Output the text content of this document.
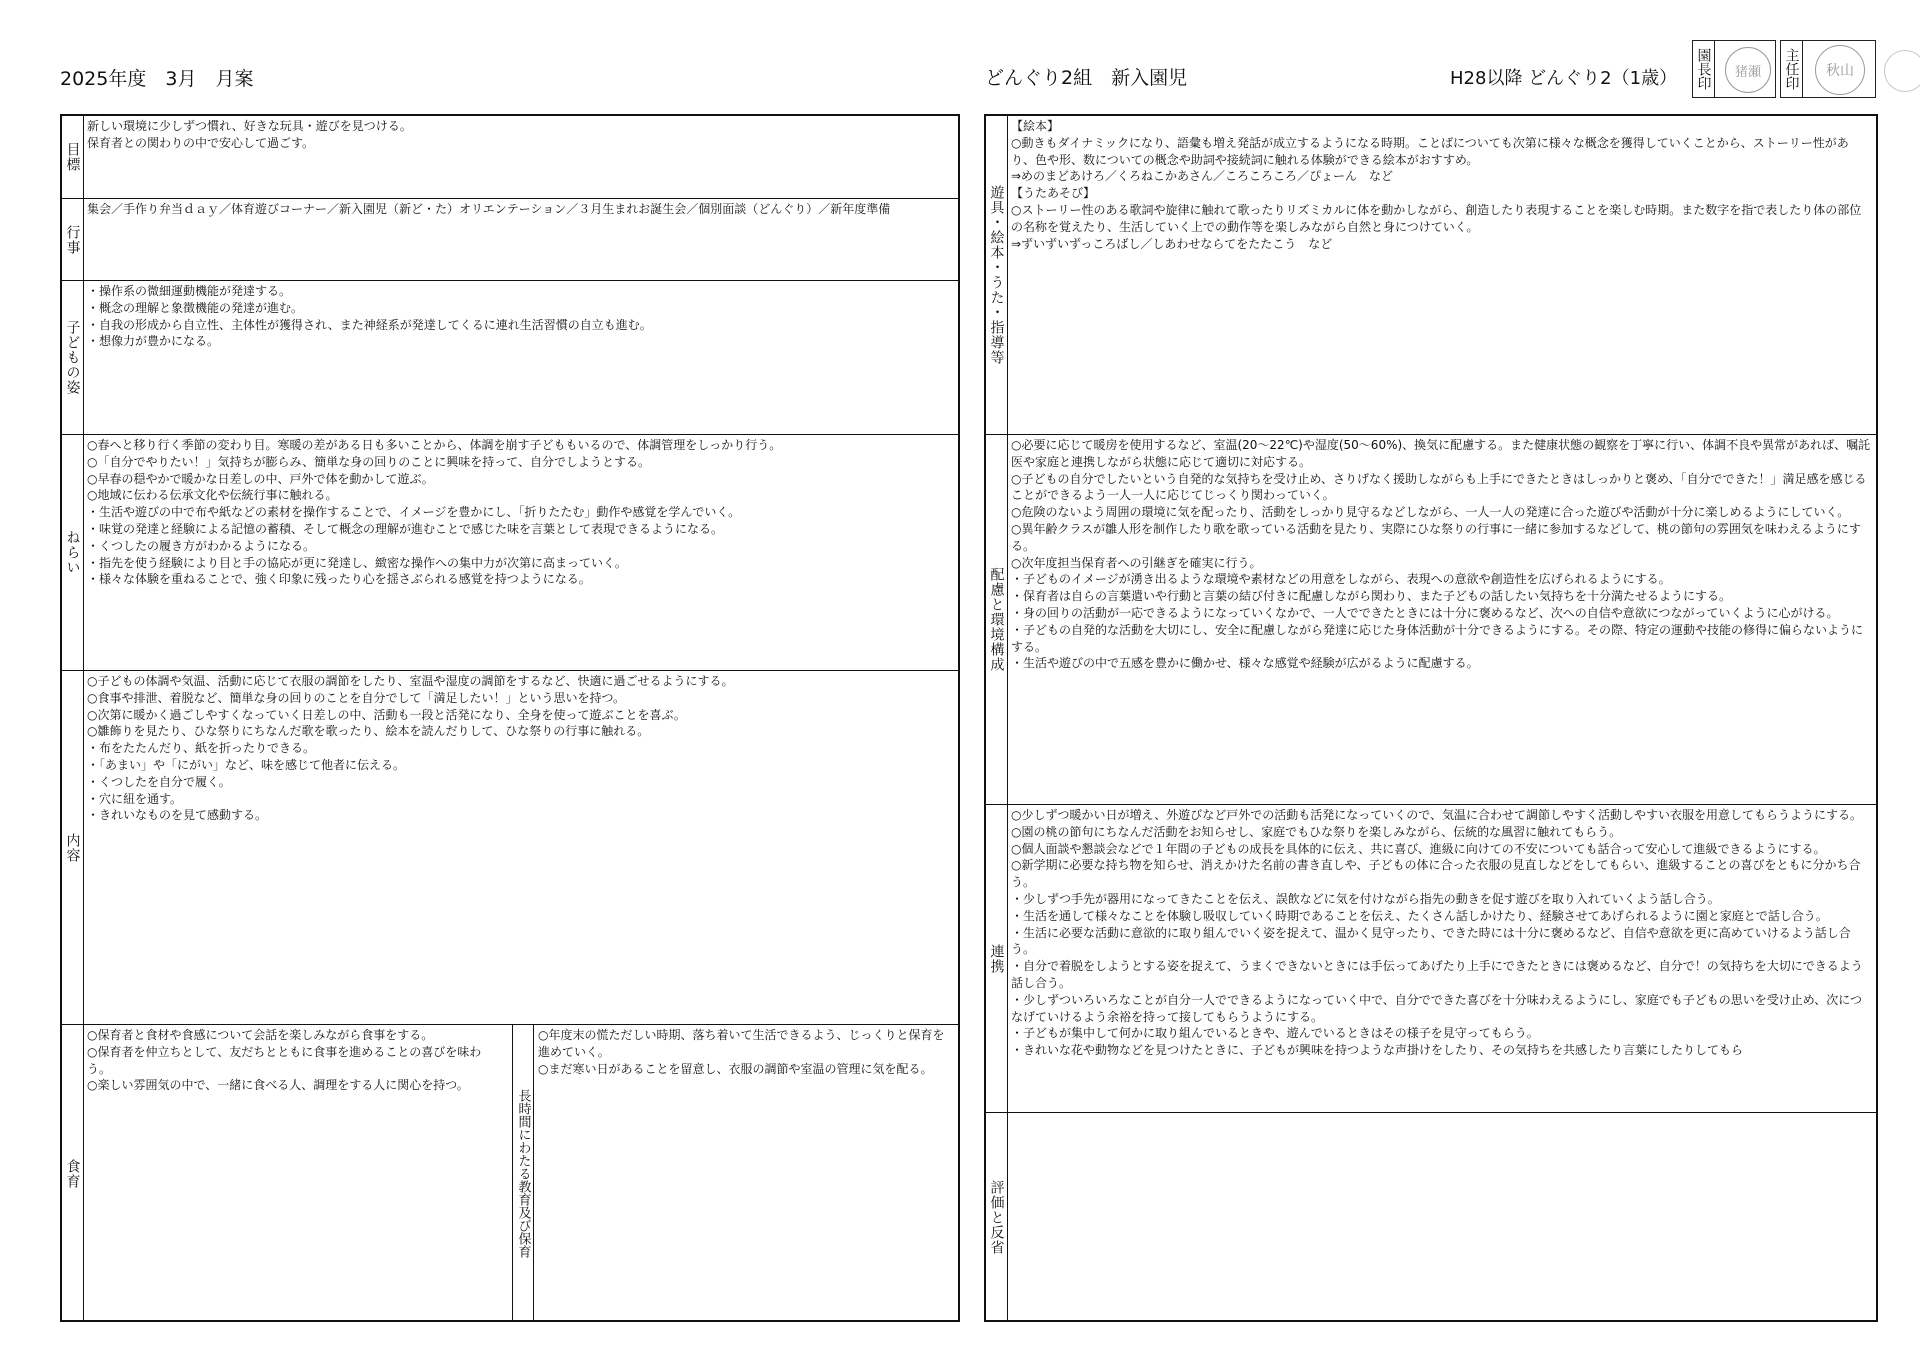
2025年度　3月　月案	どんぐり2組　新入園児	H28以降 どんぐり2（1歳） 園長印	猪瀬	主任印	秋山
目標
新しい環境に少しずつ慣れ、好きな玩具・遊びを見つける。
保育者との関わりの中で安心して過ごす。
行事
集会／手作り弁当ｄａｙ／体育遊びコーナー／新入園児（新ど・た）オリエンテーション／３月生まれお誕生会／個別面談（どんぐり）／新年度準備
子どもの姿
・操作系の微細運動機能が発達する。
・概念の理解と象徴機能の発達が進む。
・自我の形成から自立性、主体性が獲得され、また神経系が発達してくるに連れ生活習慣の自立も進む。
・想像力が豊かになる。
ねらい
○春へと移り行く季節の変わり目。寒暖の差がある日も多いことから、体調を崩す子どももいるので、体調管理をしっかり行う。
○「自分でやりたい！」気持ちが膨らみ、簡単な身の回りのことに興味を持って、自分でしようとする。
○早春の穏やかで暖かな日差しの中、戸外で体を動かして遊ぶ。
○地域に伝わる伝承文化や伝統行事に触れる。
・生活や遊びの中で布や紙などの素材を操作することで、イメージを豊かにし、「折りたたむ」動作や感覚を学んでいく。
・味覚の発達と経験による記憶の蓄積、そして概念の理解が進むことで感じた味を言葉として表現できるようになる。
・くつしたの履き方がわかるようになる。
・指先を使う経験により目と手の協応が更に発達し、緻密な操作への集中力が次第に高まっていく。
・様々な体験を重ねることで、強く印象に残ったり心を揺さぶられる感覚を持つようになる。
内容
○子どもの体調や気温、活動に応じて衣服の調節をしたり、室温や湿度の調節をするなど、快適に過ごせるようにする。
○食事や排泄、着脱など、簡単な身の回りのことを自分でして「満足したい！」という思いを持つ。
○次第に暖かく過ごしやすくなっていく日差しの中、活動も一段と活発になり、全身を使って遊ぶことを喜ぶ。
○雛飾りを見たり、ひな祭りにちなんだ歌を歌ったり、絵本を読んだりして、ひな祭りの行事に触れる。
・布をたたんだり、紙を折ったりできる。
・「あまい」や「にがい」など、味を感じて他者に伝える。
・くつしたを自分で履く。
・穴に紐を通す。
・きれいなものを見て感動する。
食育
○保育者と食材や食感について会話を楽しみながら食事をする。
○保育者を仲立ちとして、友だちとともに食事を進めることの喜びを味わう。
○楽しい雰囲気の中で、一緒に食べる人、調理をする人に関心を持つ。
長時間にわたる教育及び保育
○年度末の慌ただしい時期、落ち着いて生活できるよう、じっくりと保育を進めていく。
○まだ寒い日があることを留意し、衣服の調節や室温の管理に気を配る。
遊具・絵本・うた・指導等
【絵本】
○動きもダイナミックになり、語彙も増え発話が成立するようになる時期。ことばについても次第に様々な概念を獲得していくことから、ストーリー性があり、色や形、数についての概念や助詞や接続詞に触れる体験ができる絵本がおすすめ。
⇒めのまどあけろ／くろねこかあさん／ころころころ／ぴょーん　など
【うたあそび】
○ストーリー性のある歌詞や旋律に触れて歌ったりリズミカルに体を動かしながら、創造したり表現することを楽しむ時期。また数字を指で表したり体の部位の名称を覚えたり、生活していく上での動作等を楽しみながら自然と身につけていく。
⇒ずいずいずっころばし／しあわせならてをたたこう　など
配慮と環境構成
○必要に応じて暖房を使用するなど、室温(20～22℃)や湿度(50～60%)、換気に配慮する。また健康状態の観察を丁寧に行い、体調不良や異常があれば、嘱託医や家庭と連携しながら状態に応じて適切に対応する。
○子どもの自分でしたいという自発的な気持ちを受け止め、さりげなく援助しながらも上手にできたときはしっかりと褒め、「自分でできた！」満足感を感じることができるよう一人一人に応じてじっくり関わっていく。
○危険のないよう周囲の環境に気を配ったり、活動をしっかり見守るなどしながら、一人一人の発達に合った遊びや活動が十分に楽しめるようにしていく。
○異年齢クラスが雛人形を制作したり歌を歌っている活動を見たり、実際にひな祭りの行事に一緒に参加するなどして、桃の節句の雰囲気を味わえるようにする。
○次年度担当保育者への引継ぎを確実に行う。
・子どものイメージが湧き出るような環境や素材などの用意をしながら、表現への意欲や創造性を広げられるようにする。
・保育者は自らの言葉遣いや行動と言葉の結び付きに配慮しながら関わり、また子どもの話したい気持ちを十分満たせるようにする。
・身の回りの活動が一応できるようになっていくなかで、一人でできたときには十分に褒めるなど、次への自信や意欲につながっていくように心がける。
・子どもの自発的な活動を大切にし、安全に配慮しながら発達に応じた身体活動が十分できるようにする。その際、特定の運動や技能の修得に偏らないようにする。
・生活や遊びの中で五感を豊かに働かせ、様々な感覚や経験が広がるように配慮する。
連携
○少しずつ暖かい日が増え、外遊びなど戸外での活動も活発になっていくので、気温に合わせて調節しやすく活動しやすい衣服を用意してもらうようにする。
○園の桃の節句にちなんだ活動をお知らせし、家庭でもひな祭りを楽しみながら、伝統的な風習に触れてもらう。
○個人面談や懇談会などで１年間の子どもの成長を具体的に伝え、共に喜び、進級に向けての不安についても話合って安心して進級できるようにする。
○新学期に必要な持ち物を知らせ、消えかけた名前の書き直しや、子どもの体に合った衣服の見直しなどをしてもらい、進級することの喜びをともに分かち合う。
・少しずつ手先が器用になってきたことを伝え、誤飲などに気を付けながら指先の動きを促す遊びを取り入れていくよう話し合う。
・生活を通して様々なことを体験し吸収していく時期であることを伝え、たくさん話しかけたり、経験させてあげられるように園と家庭とで話し合う。
・生活に必要な活動に意欲的に取り組んでいく姿を捉えて、温かく見守ったり、できた時には十分に褒めるなど、自信や意欲を更に高めていけるよう話し合う。
・自分で着脱をしようとする姿を捉えて、うまくできないときには手伝ってあげたり上手にできたときには褒めるなど、自分で！の気持ちを大切にできるよう話し合う。
・少しずついろいろなことが自分一人でできるようになっていく中で、自分でできた喜びを十分味わえるようにし、家庭でも子どもの思いを受け止め、次につなげていけるよう余裕を持って接してもらうようにする。
・子どもが集中して何かに取り組んでいるときや、遊んでいるときはその様子を見守ってもらう。
・きれいな花や動物などを見つけたときに、子どもが興味を持つような声掛けをしたり、その気持ちを共感したり言葉にしたりしてもら
評価と反省
